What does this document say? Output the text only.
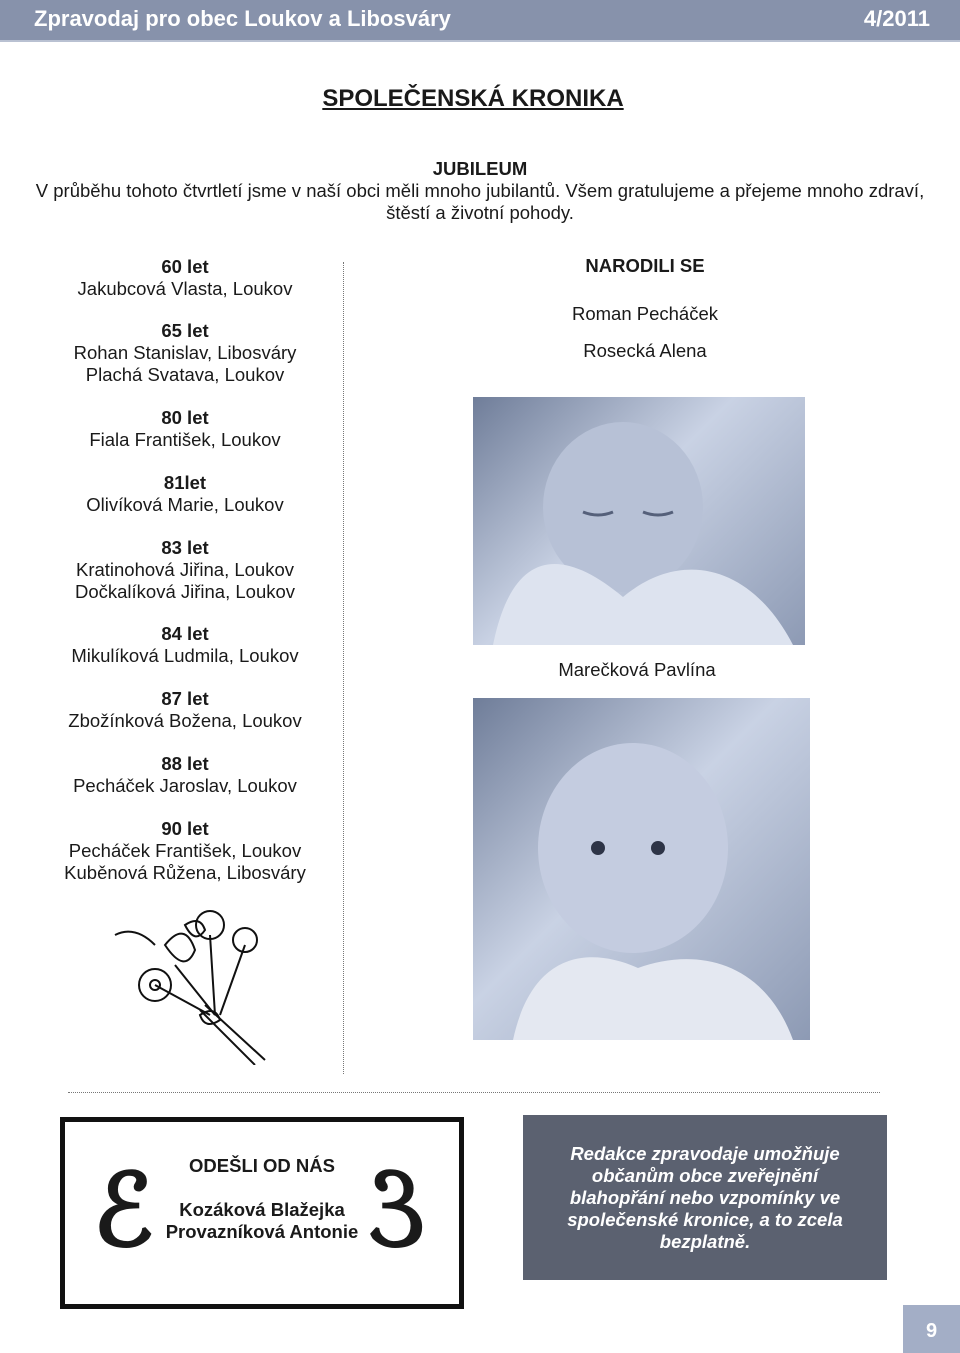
Zpravodaj pro obec Loukov a Libosváry	4/2011
SPOLEČENSKÁ KRONIKA
JUBILEUM
V průběhu tohoto čtvrtletí jsme v naší obci měli mnoho jubilantů. Všem gratulujeme a přejeme mnoho zdraví, štěstí a životní pohody.
60 let
Jakubcová Vlasta, Loukov
65 let
Rohan Stanislav, Libosváry
Plachá Svatava, Loukov
80 let
Fiala František, Loukov
81let
Olivíková Marie, Loukov
83 let
Kratinohová Jiřina, Loukov
Dočkalíková Jiřina, Loukov
84 let
Mikulíková Ludmila, Loukov
87 let
Zbožínková Božena, Loukov
88 let
Pecháček Jaroslav, Loukov
90 let
Pecháček František, Loukov
Kuběnová Růžena, Libosváry
NARODILI SE
Roman Pecháček
Rosecká Alena
Marečková Pavlína
ℰ ℰ
ODEŠLI OD NÁS
Kozáková Blažejka
Provazníková Antonie
Redakce zpravodaje umožňuje občanům obce zveřejnění blahopřání nebo vzpomínky ve společenské kronice, a to zcela bezplatně.
9
